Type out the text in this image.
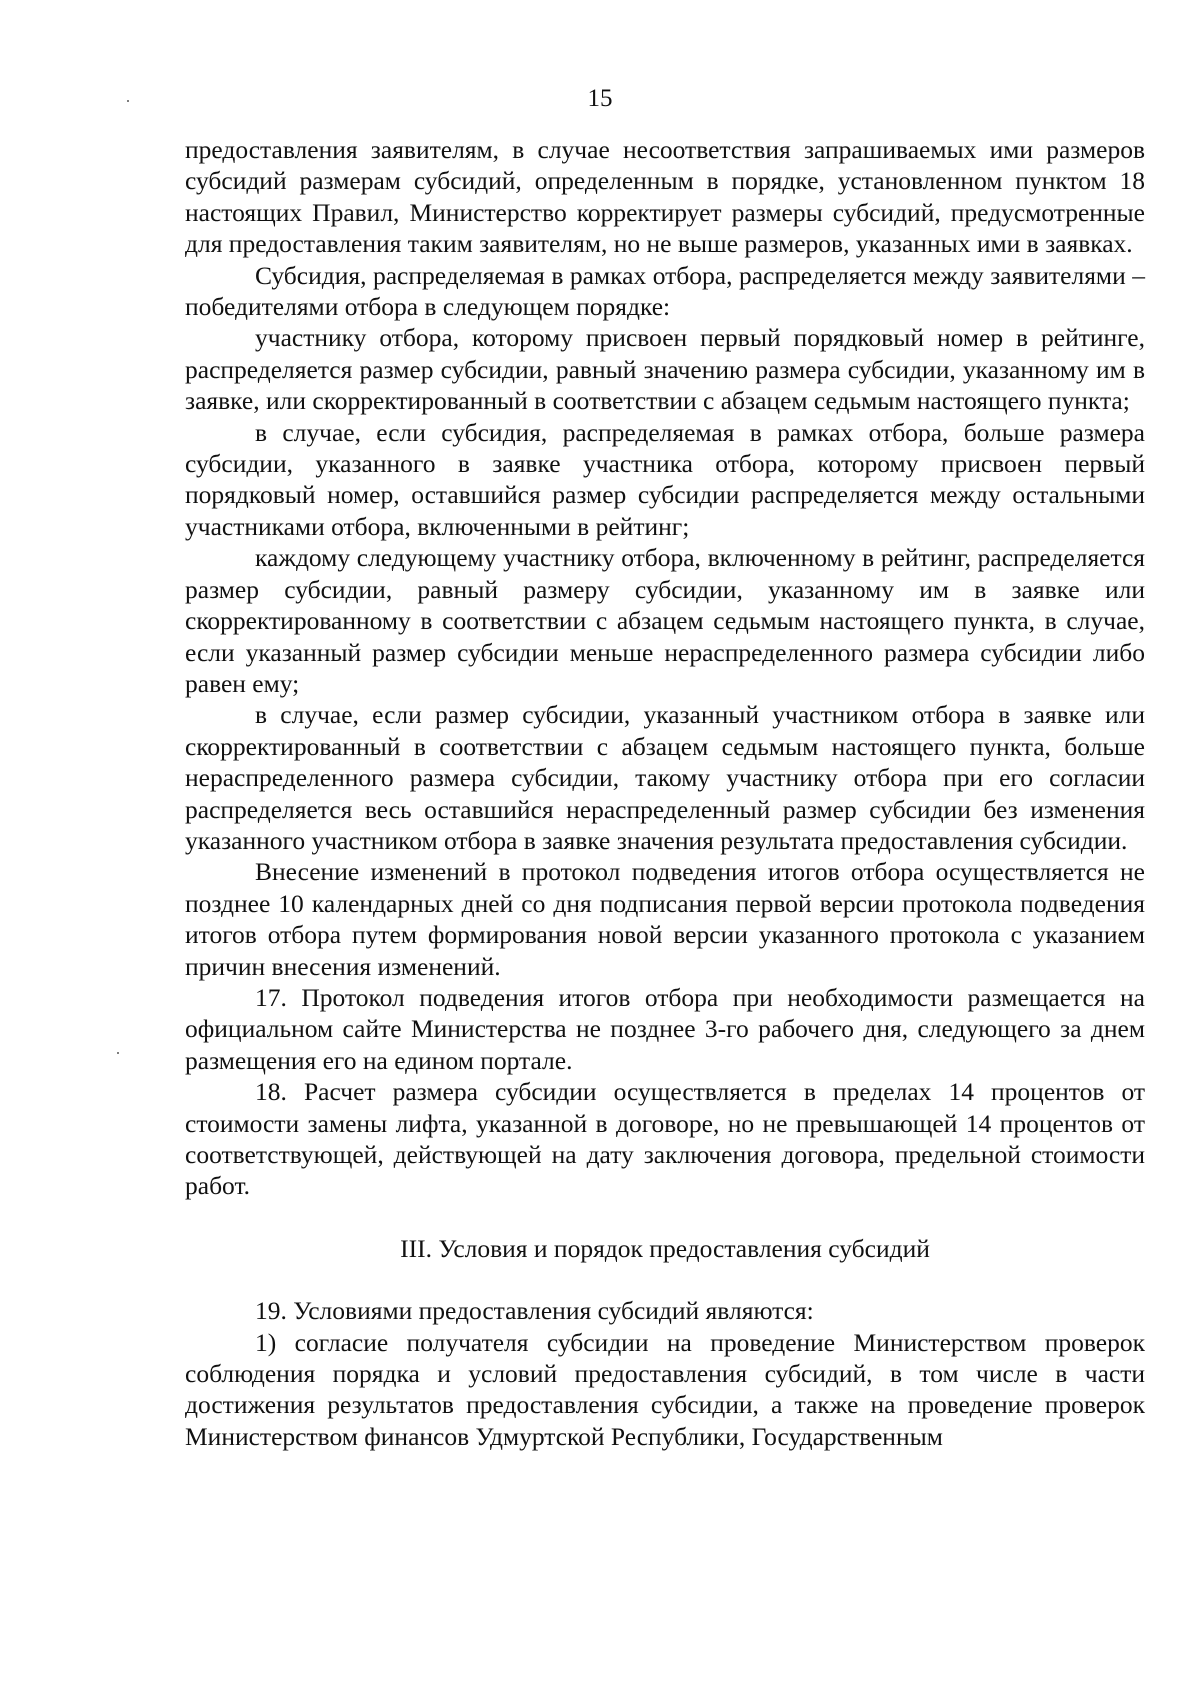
15

предоставления заявителям, в случае несоответствия запрашиваемых ими размеров субсидий размерам субсидий, определенным в порядке, установленном пунктом 18 настоящих Правил, Министерство корректирует размеры субсидий, предусмотренные для предоставления таким заявителям, но не выше размеров, указанных ими в заявках.

Субсидия, распределяемая в рамках отбора, распределяется между заявителями – победителями отбора в следующем порядке:

участнику отбора, которому присвоен первый порядковый номер в рейтинге, распределяется размер субсидии, равный значению размера субсидии, указанному им в заявке, или скорректированный в соответствии с абзацем седьмым настоящего пункта;

в случае, если субсидия, распределяемая в рамках отбора, больше размера субсидии, указанного в заявке участника отбора, которому присвоен первый порядковый номер, оставшийся размер субсидии распределяется между остальными участниками отбора, включенными в рейтинг;

каждому следующему участнику отбора, включенному в рейтинг, распределяется размер субсидии, равный размеру субсидии, указанному им в заявке или скорректированному в соответствии с абзацем седьмым настоящего пункта, в случае, если указанный размер субсидии меньше нераспределенного размера субсидии либо равен ему;

в случае, если размер субсидии, указанный участником отбора в заявке или скорректированный в соответствии с абзацем седьмым настоящего пункта, больше нераспределенного размера субсидии, такому участнику отбора при его согласии распределяется весь оставшийся нераспределенный размер субсидии без изменения указанного участником отбора в заявке значения результата предоставления субсидии.

Внесение изменений в протокол подведения итогов отбора осуществляется не позднее 10 календарных дней со дня подписания первой версии протокола подведения итогов отбора путем формирования новой версии указанного протокола с указанием причин внесения изменений.

17. Протокол подведения итогов отбора при необходимости размещается на официальном сайте Министерства не позднее 3-го рабочего дня, следующего за днем размещения его на едином портале.

18. Расчет размера субсидии осуществляется в пределах 14 процентов от стоимости замены лифта, указанной в договоре, но не превышающей 14 процентов от соответствующей, действующей на дату заключения договора, предельной стоимости работ.

III. Условия и порядок предоставления субсидий

19. Условиями предоставления субсидий являются:

1) согласие получателя субсидии на проведение Министерством проверок соблюдения порядка и условий предоставления субсидий, в том числе в части достижения результатов предоставления субсидии, а также на проведение проверок Министерством финансов Удмуртской Республики, Государственным
